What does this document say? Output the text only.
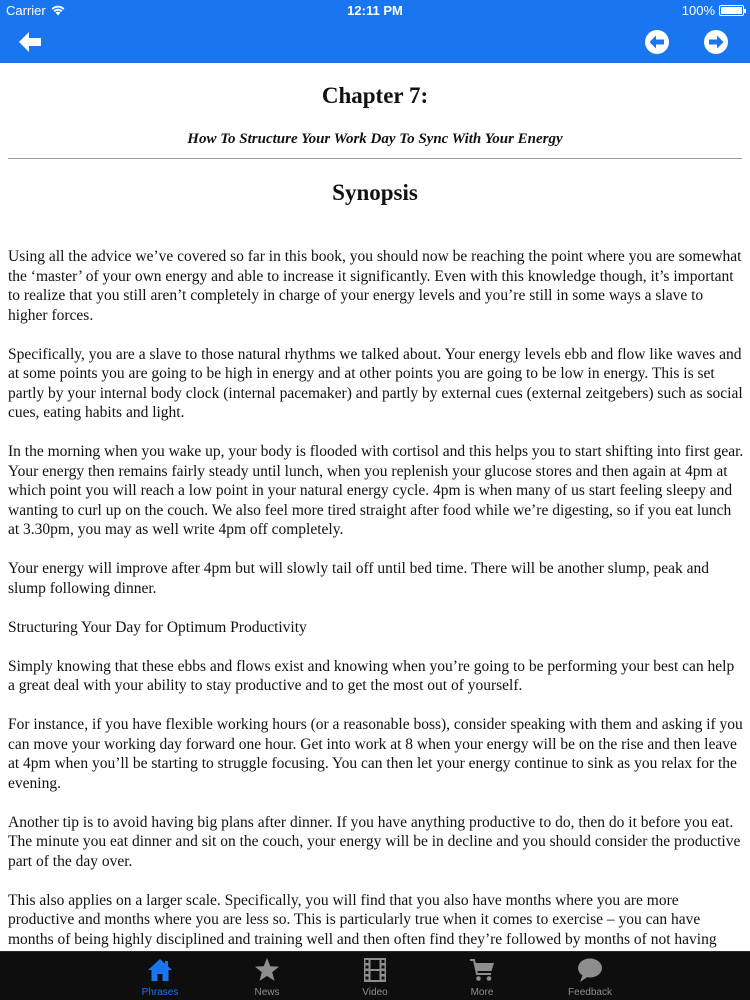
Carrier	12:11 PM	100%
Chapter 7:
How To Structure Your Work Day To Sync With Your Energy
Synopsis

Using all the advice we’ve covered so far in this book, you should now be reaching the point where you are somewhat the ‘master’ of your own energy and able to increase it significantly. Even with this knowledge though, it’s important to realize that you still aren’t completely in charge of your energy levels and you’re still in some ways a slave to higher forces.

Specifically, you are a slave to those natural rhythms we talked about. Your energy levels ebb and flow like waves and at some points you are going to be high in energy and at other points you are going to be low in energy. This is set partly by your internal body clock (internal pacemaker) and partly by external cues (external zeitgebers) such as social cues, eating habits and light.

In the morning when you wake up, your body is flooded with cortisol and this helps you to start shifting into first gear. Your energy then remains fairly steady until lunch, when you replenish your glucose stores and then again at 4pm at which point you will reach a low point in your natural energy cycle. 4pm is when many of us start feeling sleepy and wanting to curl up on the couch. We also feel more tired straight after food while we’re digesting, so if you eat lunch at 3.30pm, you may as well write 4pm off completely.

Your energy will improve after 4pm but will slowly tail off until bed time. There will be another slump, peak and slump following dinner.

Structuring Your Day for Optimum Productivity

Simply knowing that these ebbs and flows exist and knowing when you’re going to be performing your best can help a great deal with your ability to stay productive and to get the most out of yourself.

For instance, if you have flexible working hours (or a reasonable boss), consider speaking with them and asking if you can move your working day forward one hour. Get into work at 8 when your energy will be on the rise and then leave at 4pm when you’ll be starting to struggle focusing. You can then let your energy continue to sink as you relax for the evening.

Another tip is to avoid having big plans after dinner. If you have anything productive to do, then do it before you eat. The minute you eat dinner and sit on the couch, your energy will be in decline and you should consider the productive part of the day over.

This also applies on a larger scale. Specifically, you will find that you also have months where you are more productive and months where you are less so. This is particularly true when it comes to exercise – you can have months of being highly disciplined and training well and then often find they’re followed by months of not having

Phrases	News	Video	More	Feedback
